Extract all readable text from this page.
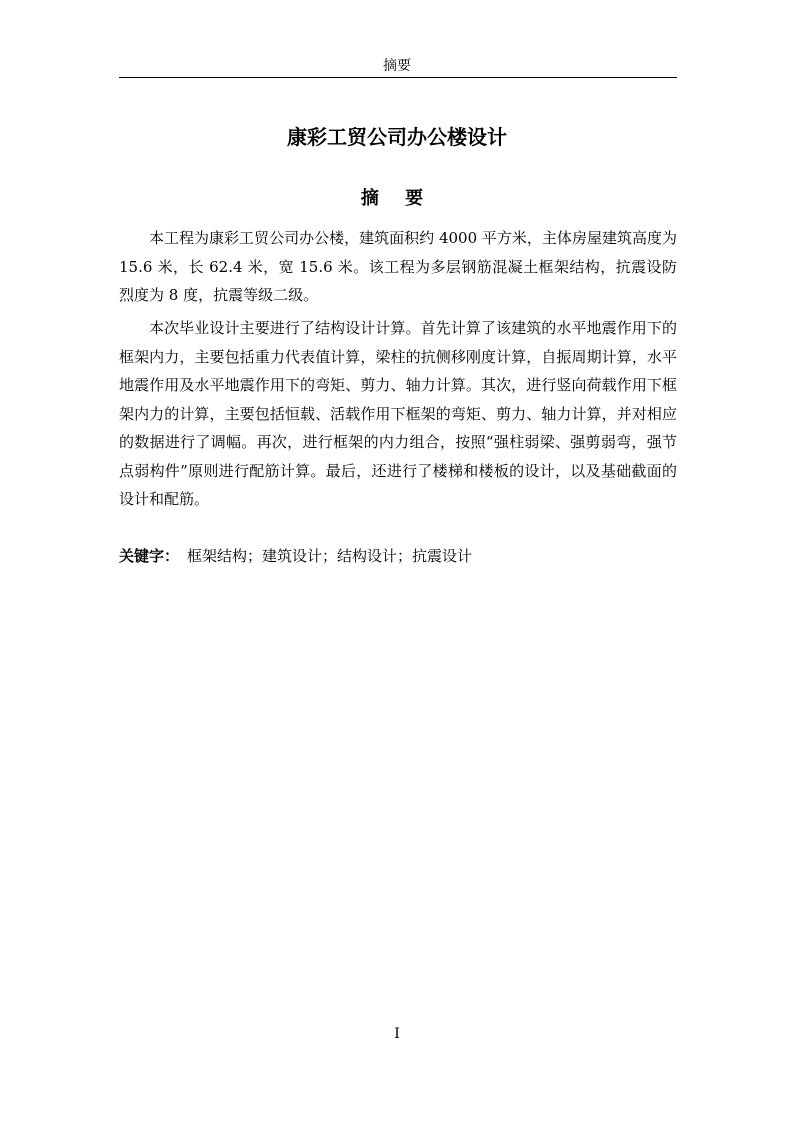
摘要
康彩工贸公司办公楼设计
摘 要

本工程为康彩工贸公司办公楼，建筑面积约 4000 平方米，主体房屋建筑高度为 15.6 米，长 62.4 米，宽 15.6 米。该工程为多层钢筋混凝土框架结构，抗震设防烈度为 8 度，抗震等级二级。

本次毕业设计主要进行了结构设计计算。首先计算了该建筑的水平地震作用下的框架内力，主要包括重力代表值计算，梁柱的抗侧移刚度计算，自振周期计算，水平地震作用及水平地震作用下的弯矩、剪力、轴力计算。其次，进行竖向荷载作用下框架内力的计算，主要包括恒载、活载作用下框架的弯矩、剪力、轴力计算，并对相应的数据进行了调幅。再次，进行框架的内力组合，按照“强柱弱梁、强剪弱弯，强节点弱构件”原则进行配筋计算。最后，还进行了楼梯和楼板的设计，以及基础截面的设计和配筋。

关键字： 框架结构；建筑设计；结构设计；抗震设计
I
